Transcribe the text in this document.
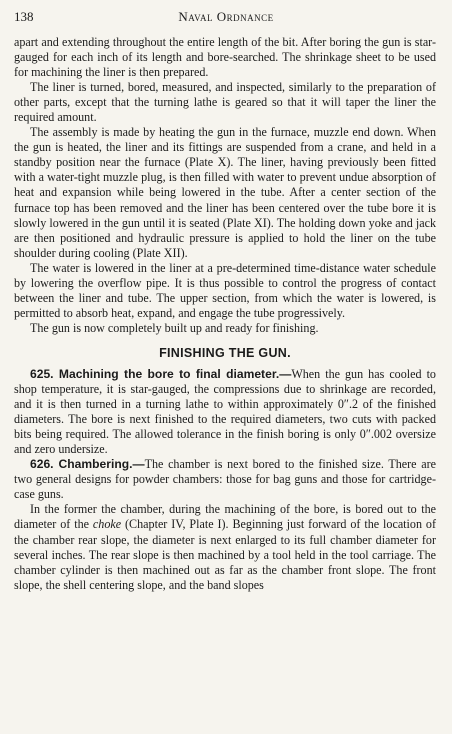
138	Naval Ordnance

apart and extending throughout the entire length of the bit. After boring the gun is star-gauged for each inch of its length and bore-searched. The shrinkage sheet to be used for machining the liner is then prepared.

The liner is turned, bored, measured, and inspected, similarly to the preparation of other parts, except that the turning lathe is geared so that it will taper the liner the required amount.

The assembly is made by heating the gun in the furnace, muzzle end down. When the gun is heated, the liner and its fittings are suspended from a crane, and held in a standby position near the furnace (Plate X). The liner, having previously been fitted with a water-tight muzzle plug, is then filled with water to prevent undue absorption of heat and expansion while being lowered in the tube. After a center section of the furnace top has been removed and the liner has been centered over the tube bore it is slowly lowered in the gun until it is seated (Plate XI). The holding down yoke and jack are then positioned and hydraulic pressure is applied to hold the liner on the tube shoulder during cooling (Plate XII).

The water is lowered in the liner at a pre-determined time-distance water schedule by lowering the overflow pipe. It is thus possible to control the progress of contact between the liner and tube. The upper section, from which the water is lowered, is permitted to absorb heat, expand, and engage the tube progressively.

The gun is now completely built up and ready for finishing.

FINISHING THE GUN.

625. Machining the bore to final diameter.—When the gun has cooled to shop temperature, it is star-gauged, the compressions due to shrinkage are recorded, and it is then turned in a turning lathe to within approximately 0″.2 of the finished diameters. The bore is next finished to the required diameters, two cuts with packed bits being required. The allowed tolerance in the finish boring is only 0″.002 oversize and zero undersize.

626. Chambering.—The chamber is next bored to the finished size. There are two general designs for powder chambers: those for bag guns and those for cartridge-case guns.

In the former the chamber, during the machining of the bore, is bored out to the diameter of the choke (Chapter IV, Plate I). Beginning just forward of the location of the chamber rear slope, the diameter is next enlarged to its full chamber diameter for several inches. The rear slope is then machined by a tool held in the tool carriage. The chamber cylinder is then machined out as far as the chamber front slope. The front slope, the shell centering slope, and the band slopes
